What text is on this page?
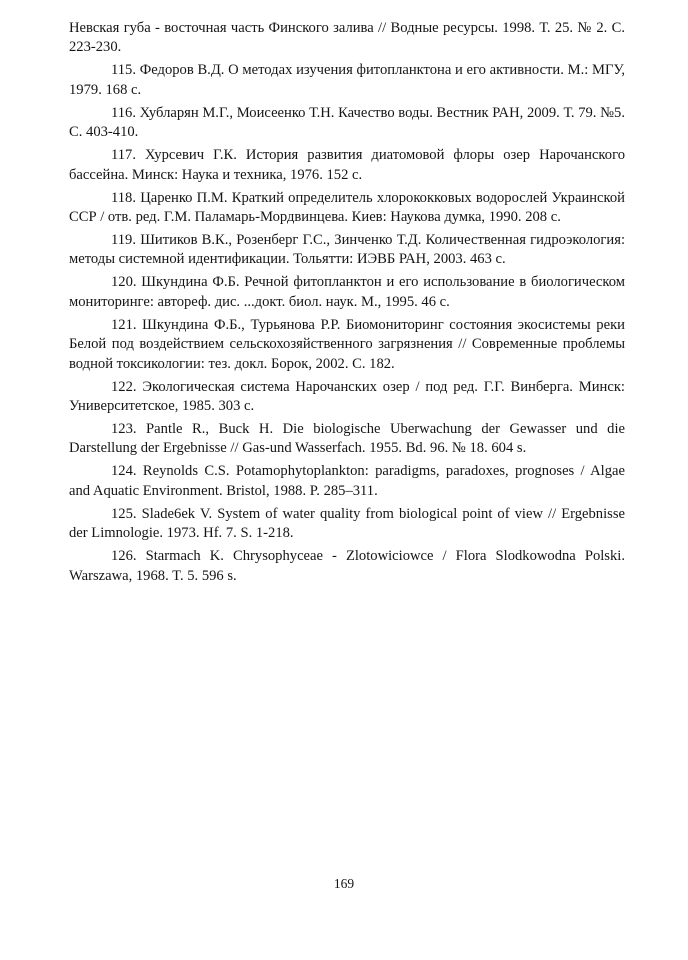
Невская губа - восточная часть Финского залива // Водные ресурсы. 1998. Т. 25. № 2. С. 223-230.

115. Федоров В.Д. О методах изучения фитопланктона и его активности. М.: МГУ, 1979. 168 с.

116. Хубларян М.Г., Моисеенко Т.Н. Качество воды. Вестник РАН, 2009. Т. 79. №5. С. 403-410.

117. Хурсевич Г.К. История развития диатомовой флоры озер Нарочанского бассейна. Минск: Наука и техника, 1976. 152 с.

118. Царенко П.М. Краткий определитель хлорококковых водорослей Украинской ССР / отв. ред. Г.М. Паламарь-Мордвинцева. Киев: Наукова думка, 1990. 208 с.

119. Шитиков В.К., Розенберг Г.С., Зинченко Т.Д. Количественная гидроэкология: методы системной идентификации. Тольятти: ИЭВБ РАН, 2003. 463 с.

120. Шкундина Ф.Б. Речной фитопланктон и его использование в биологическом мониторинге: автореф. дис. ...докт. биол. наук. М., 1995. 46 с.

121. Шкундина Ф.Б., Турьянова Р.Р. Биомониторинг состояния экосистемы реки Белой под воздействием сельскохозяйственного загрязнения // Современные проблемы водной токсикологии: тез. докл. Борок, 2002. С. 182.

122. Экологическая система Нарочанских озер / под ред. Г.Г. Винберга. Минск: Университетское, 1985. 303 с.

123. Pantle R., Buck H. Die biologische Uberwachung der Gewasser und die Darstellung der Ergebnisse // Gas-und Wasserfach. 1955. Bd. 96. № 18. 604 s.

124. Reynolds C.S. Potamophytoplankton: paradigms, paradoxes, prognoses / Algae and Aquatic Environment. Bristol, 1988. P. 285–311.

125. Slade6ek V. System of water quality from biological point of view // Ergebnisse der Limnologie. 1973. Hf. 7. S. 1-218.

126. Starmach K. Chrysophyceae - Zlotowiciowce / Flora Slodkowodna Polski. Warszawa, 1968. T. 5. 596 s.

169
